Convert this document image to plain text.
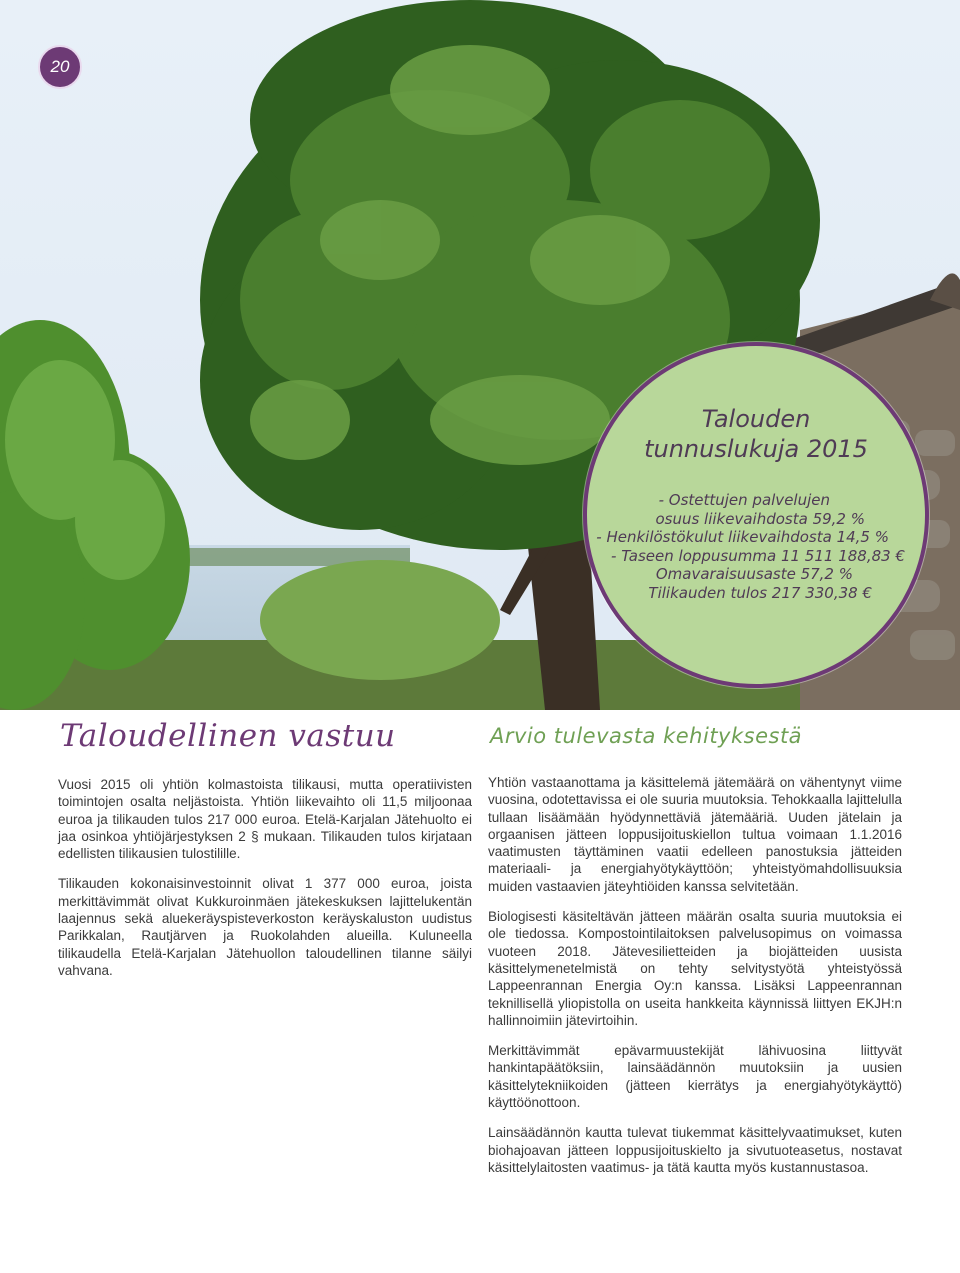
20
Talouden
tunnuslukuja 2015
- Ostettujen palvelujen
osuus liikevaihdosta 59,2 %
- Henkilöstökulut liikevaihdosta 14,5 %
- Taseen loppusumma 11 511 188,83 €
Omavaraisuusaste 57,2 %
Tilikauden tulos 217 330,38 €
Taloudellinen vastuu

Vuosi 2015 oli yhtiön kolmastoista tilikausi, mutta operatiivisten toimintojen osalta neljästoista. Yhtiön liikevaihto oli 11,5 miljoonaa euroa ja tilikauden tulos 217 000 euroa. Etelä-Karjalan Jätehuolto ei jaa osinkoa yhtiöjärjestyksen 2 § mukaan. Tilikauden tulos kirjataan edellisten tilikausien tulostilille.

Tilikauden kokonaisinvestoinnit olivat 1 377 000 euroa, joista merkittävimmät olivat Kukkuroinmäen jätekeskuksen lajittelukentän laajennus sekä aluekeräyspisteverkoston keräyskaluston uudistus Parikkalan, Rautjärven ja Ruokolahden alueilla. Kuluneella tilikaudella Etelä-Karjalan Jätehuollon taloudellinen tilanne säilyi vahvana.

Arvio tulevasta kehityksestä

Yhtiön vastaanottama ja käsittelemä jätemäärä on vähentynyt viime vuosina, odotettavissa ei ole suuria muutoksia. Tehokkaalla lajittelulla tullaan lisäämään hyödynnettäviä jätemääriä. Uuden jätelain ja orgaanisen jätteen loppusijoituskiellon tultua voimaan 1.1.2016 vaatimusten täyttäminen vaatii edelleen panostuksia jätteiden materiaali- ja energiahyötykäyttöön; yhteistyömahdollisuuksia muiden vastaavien jäteyhtiöiden kanssa selvitetään.

Biologisesti käsiteltävän jätteen määrän osalta suuria muutoksia ei ole tiedossa. Kompostointilaitoksen palvelusopimus on voimassa vuoteen 2018. Jätevesilietteiden ja biojätteiden uusista käsittelymenetelmistä on tehty selvitystyötä yhteistyössä Lappeenrannan Energia Oy:n kanssa. Lisäksi Lappeenrannan teknillisellä yliopistolla on useita hankkeita käynnissä liittyen EKJH:n hallinnoimiin jätevirtoihin.

Merkittävimmät epävarmuustekijät lähivuosina liittyvät hankintapäätöksiin, lainsäädännön muutoksiin ja uusien käsittelytekniikoiden (jätteen kierrätys ja energiahyötykäyttö) käyttöönottoon.

Lainsäädännön kautta tulevat tiukemmat käsittelyvaatimukset, kuten biohajoavan jätteen loppusijoituskielto ja sivutuoteasetus, nostavat käsittelylaitosten vaatimus- ja tätä kautta myös kustannustasoa.
